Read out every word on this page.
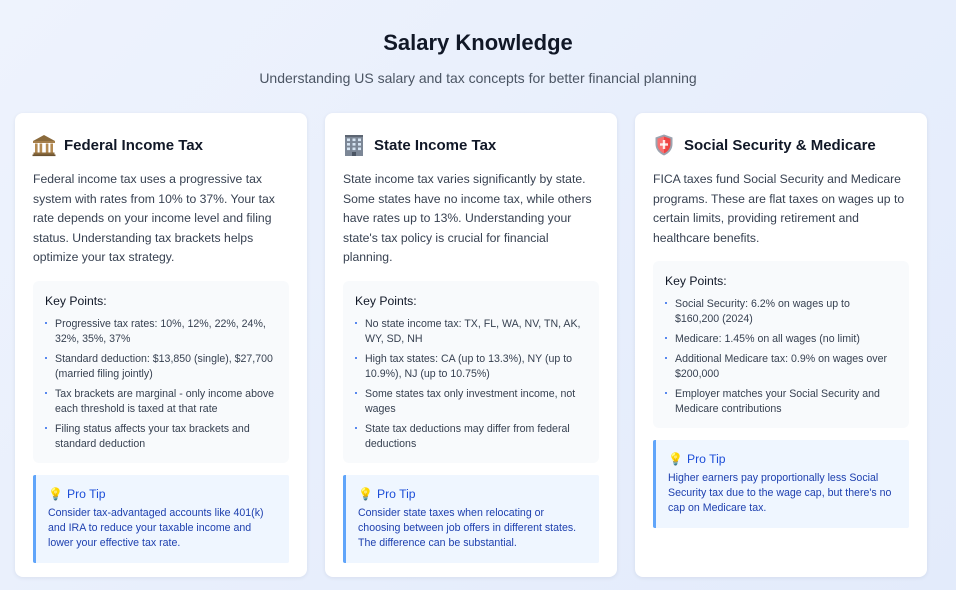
Salary Knowledge

Understanding US salary and tax concepts for better financial planning

Federal Income Tax

Federal income tax uses a progressive tax system with rates from 10% to 37%. Your tax rate depends on your income level and filing status. Understanding tax brackets helps optimize your tax strategy.

Key Points:
Progressive tax rates: 10%, 12%, 22%, 24%, 32%, 35%, 37%
Standard deduction: $13,850 (single), $27,700 (married filing jointly)
Tax brackets are marginal - only income above each threshold is taxed at that rate
Filing status affects your tax brackets and standard deduction
💡 Pro Tip

Consider tax-advantaged accounts like 401(k) and IRA to reduce your taxable income and lower your effective tax rate.

State Income Tax

State income tax varies significantly by state. Some states have no income tax, while others have rates up to 13%. Understanding your state's tax policy is crucial for financial planning.

Key Points:
No state income tax: TX, FL, WA, NV, TN, AK, WY, SD, NH
High tax states: CA (up to 13.3%), NY (up to 10.9%), NJ (up to 10.75%)
Some states tax only investment income, not wages
State tax deductions may differ from federal deductions
💡 Pro Tip

Consider state taxes when relocating or choosing between job offers in different states. The difference can be substantial.

Social Security & Medicare

FICA taxes fund Social Security and Medicare programs. These are flat taxes on wages up to certain limits, providing retirement and healthcare benefits.

Key Points:
Social Security: 6.2% on wages up to $160,200 (2024)
Medicare: 1.45% on all wages (no limit)
Additional Medicare tax: 0.9% on wages over $200,000
Employer matches your Social Security and Medicare contributions
💡 Pro Tip

Higher earners pay proportionally less Social Security tax due to the wage cap, but there's no cap on Medicare tax.
